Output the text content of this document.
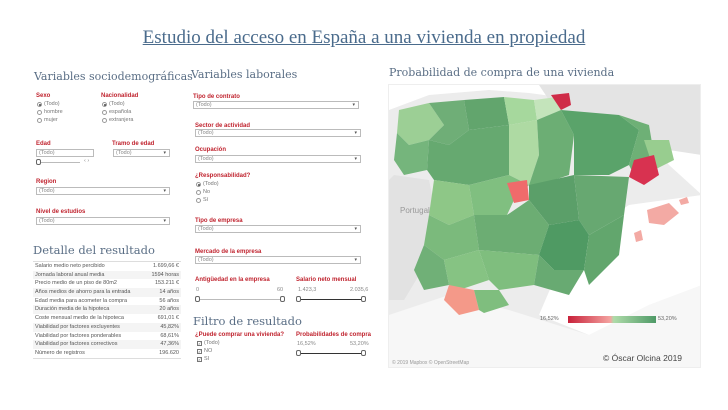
Estudio del acceso en España a una vivienda en propiedad
Variables sociodemográficas
Sexo
(Todo)
hombre
mujer
Nacionalidad
(Todo)
española
extranjera
Edad
(Todo)
‹ ›
Tramo de edad
(Todo)	▾
Region
(Todo)	▾
Nivel de estudios
(Todo)	▾
Detalle del resultado
Salario medio neto percibido	1.699,66 €
Jornada laboral anual media	1594 horas
Precio medio de un piso de 80m2	153.211 €
Años medios de ahorro para la entrada	14 años
Edad media para acometer la compra	56 años
Duración media de la hipoteca	20 años
Coste mensual medio de la hipoteca	691,01 €
Viabilidad por factores excluyentes	45,82%
Viabilidad por factores ponderables	68,61%
Viabilidad por factores correctivos	47,36%
Número de registros	196.620
Variables laborales
Tipo de contrato
(Todo)	▾
Sector de actividad
(Todo)	▾
Ocupación
(Todo)	▾
¿Responsabilidad?
(Todo)
No
Sí
Tipo de empresa
(Todo)	▾
Mercado de la empresa
(Todo)	▾
Antigüedad en la empresa
0	60
Salario neto mensual
1.423,3	2.035,6
Filtro de resultado
¿Puede comprar una vivienda?
✓ (Todo)
✓ NO
✓ SI
Probabilidades de compra
16,52%	53,20%
Probabilidad de compra de una vivienda
Portugal
16,52%	53,20%
© 2019 Mapbox © OpenStreetMap	© Óscar Olcina 2019
